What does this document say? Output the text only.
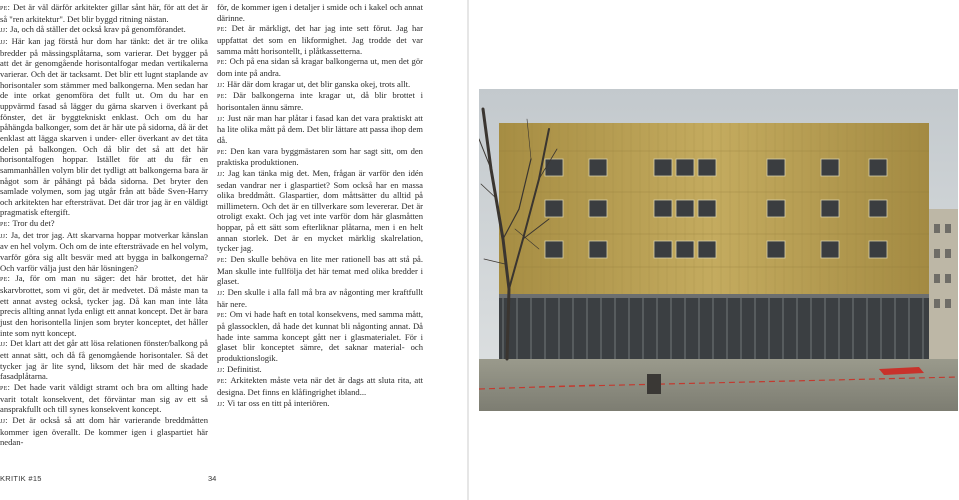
pe: Det är väl därför arkitekter gillar sånt här, för att det är så "ren arkitektur". Det blir byggd ritning nästan.

jj: Ja, och då ställer det också krav på genomförandet.

jj: Här kan jag förstå hur dom har tänkt: det är tre olika bredder på mässingsplåtarna, som varierar. Det bygger på att det är genomgående horisontalfogar medan vertikalerna varierar. Och det är tacksamt. Det blir ett lugnt staplande av horisontaler som stämmer med balkongerna. Men sedan har de inte orkat genomföra det fullt ut. Om du har en uppvärmd fasad så lägger du gärna skarven i överkant på fönster, det är byggtekniskt enklast. Och om du har påhängda balkonger, som det är här ute på sidorna, då är det enklast att lägga skarven i under- eller överkant av det täta delen på balkongen. Och då blir det så att det här horisontalfogen hoppar. Istället för att du får en sammanhållen volym blir det tydligt att balkongerna bara är något som är påhängt på båda sidorna. Det bryter den samlade volymen, som jag utgår från att både Sven-Harry och arkitekten har eftersträvat. Det där tror jag är en väldigt pragmatisk eftergift.

pe: Tror du det?

jj: Ja, det tror jag. Att skarvarna hoppar motverkar känslan av en hel volym. Och om de inte eftersträvade en hel volym, varför göra sig allt besvär med att bygga in balkongerna? Och varför välja just den här lösningen?

pe: Ja, för om man nu säger: det här brottet, det här skarvbrottet, som vi gör, det är medvetet. Då måste man ta ett annat avsteg också, tycker jag. Då kan man inte låta precis allting annat lyda enligt ett annat koncept. Det är bara just den horisontella linjen som bryter konceptet, det håller inte som nytt koncept.

jj: Det klart att det går att lösa relationen fönster/balkong på ett annat sätt, och då få genomgående horisontaler. Så det tycker jag är lite synd, liksom det här med de skadade fasadplåtarna.

pe: Det hade varit väldigt stramt och bra om allting hade varit totalt konsekvent, det förväntar man sig av ett så ansprakfullt och till synes konsekvent koncept.

jj: Det är också så att dom här varierande breddmåtten kommer igen överallt. De kommer igen i glaspartiet här nedan-

för, de kommer igen i detaljer i smide och i kakel och annat därinne.

pe: Det är märkligt, det har jag inte sett förut. Jag har uppfattat det som en likformighet. Jag trodde det var samma mått horisontellt, i plåtkassetterna.

pe: Och på ena sidan så kragar balkongerna ut, men det gör dom inte på andra.

jj: Här där dom kragar ut, det blir ganska okej, trots allt.

pe: Där balkongerna inte kragar ut, då blir brottet i horisontalen ännu sämre.

jj: Just när man har plåtar i fasad kan det vara praktiskt att ha lite olika mått på dem. Det blir lättare att passa ihop dem då.

pe: Den kan vara byggmästaren som har sagt sitt, om den praktiska produktionen.

jj: Jag kan tänka mig det. Men, frågan är varför den idén sedan vandrar ner i glaspartiet? Som också har en massa olika breddmått. Glaspartier, dom måttsätter du alltid på millimetern. Och det är en tillverkare som levererar. Det är otroligt exakt. Och jag vet inte varför dom här glasmåtten hoppar, på ett sätt som efterliknar plåtarna, men i en helt annan storlek. Det är en mycket märklig skalrelation, tycker jag.

pe: Den skulle behöva en lite mer rationell bas att stå på. Man skulle inte fullfölja det här temat med olika bredder i glaset.

jj: Den skulle i alla fall må bra av någonting mer kraftfullt här nere.

pe: Om vi hade haft en total konsekvens, med samma mått, på glassocklen, då hade det kunnat bli någonting annat. Då hade inte samma koncept gått ner i glasmaterialet. För i glaset blir konceptet sämre, det saknar material- och produktionslogik.

jj: Definitist.

pe: Arkitekten måste veta när det är dags att sluta rita, att designa. Det finns en klåfingrighet ibland...

jj: Vi tar oss en titt på interiören.

KRITIK #15	34
